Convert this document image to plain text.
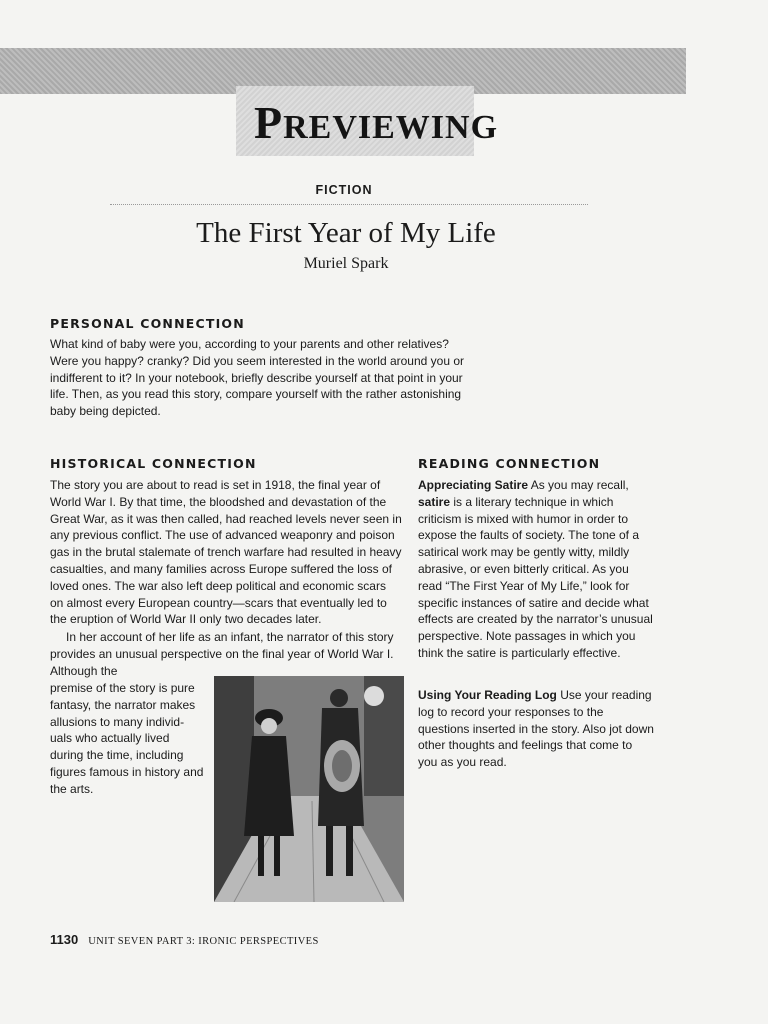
PREVIEWING
FICTION
The First Year of My Life
Muriel Spark
PERSONAL CONNECTION

What kind of baby were you, according to your parents and other relatives? Were you happy? cranky? Did you seem interested in the world around you or indifferent to it? In your notebook, briefly describe yourself at that point in your life. Then, as you read this story, compare yourself with the rather astonishing baby being depicted.

HISTORICAL CONNECTION

The story you are about to read is set in 1918, the final year of World War I. By that time, the bloodshed and devastation of the Great War, as it was then called, had reached levels never seen in any previous conflict. The use of advanced weaponry and poison gas in the brutal stalemate of trench warfare had resulted in heavy casualties, and many families across Europe suffered the loss of loved ones. The war also left deep political and economic scars on almost every European country—scars that eventually led to the eruption of World War II only two decades later.

In her account of her life as an infant, the narrator of this story provides an unusual perspective on the final year of World War I. Although the

premise of the story is pure fantasy, the narrator makes allusions to many individ-uals who actually lived during the time, including figures famous in history and the arts.

READING CONNECTION

Appreciating Satire As you may recall, satire is a literary technique in which criticism is mixed with humor in order to expose the faults of society. The tone of a satirical work may be gently witty, mildly abrasive, or even bitterly critical. As you read “The First Year of My Life,” look for specific instances of satire and decide what effects are created by the narrator’s unusual perspective. Note passages in which you think the satire is particularly effective.

Using Your Reading Log Use your reading log to record your responses to the questions inserted in the story. Also jot down other thoughts and feelings that come to you as you read.

1130 UNIT SEVEN PART 3: IRONIC PERSPECTIVES
